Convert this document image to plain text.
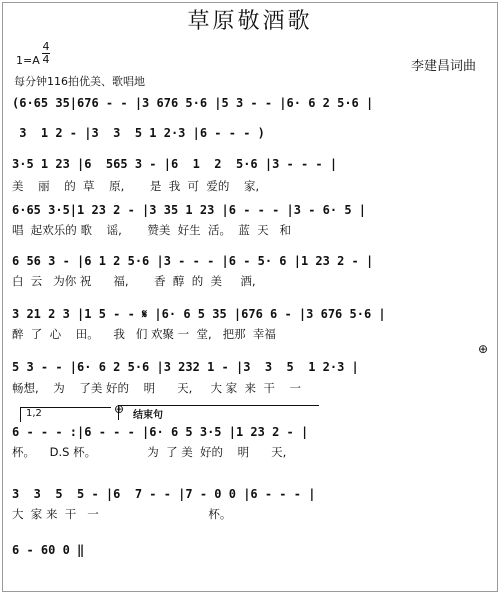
草原敬酒歌
4
4
1=A
每分钟116拍优美、歌唱地
李建昌词曲
(6·65 35|676 - - |3 676 5·6 |5 3 - - |6· 6 2 5·6 |
3  1 2 - |3  3  5 1 2·3 |6 - - - )
3·5 1 23 |6  565 3 - |6  1  2  5·6 |3 - - - |
美    丽    的  草    原,       是  我  可  爱的    家,
6·65 3·5|1 23 2 - |3 35 1 23 |6 - - - |3 - 6· 5 |
唱  起欢乐的 歌    谣,       赞美  好生  活。  蓝  天   和
6 56 3 - |6 1 2 5·6 |3 - - - |6 - 5· 6 |1 23 2 - |
白  云   为你 祝      福,       香  醇  的  美     酒,
3 21 2 3 |1 5 - - 𝄋 |6· 6 5 35 |676 6 - |3 676 5·6 |
醉  了  心    田。    我   们 欢聚 一  堂,   把那  幸福
5 3 - - |6· 6 2 5·6 |3 232 1 - |3  3  5  1 2·3 |
畅想,    为    了美 好的    明      天,     大 家  来  干    一
1,2	结束句
6 - - - :|6 - - - |6· 6 5 3·5 |1 23 2 - |
杯。    D.S 杯。              为  了 美  好的    明      天,
3  3  5  5 - |6  7 - - |7 - 0 0 |6 - - - |
大  家 来  干   一                              杯。
6 - 60 0 ‖
⊕
⊕
